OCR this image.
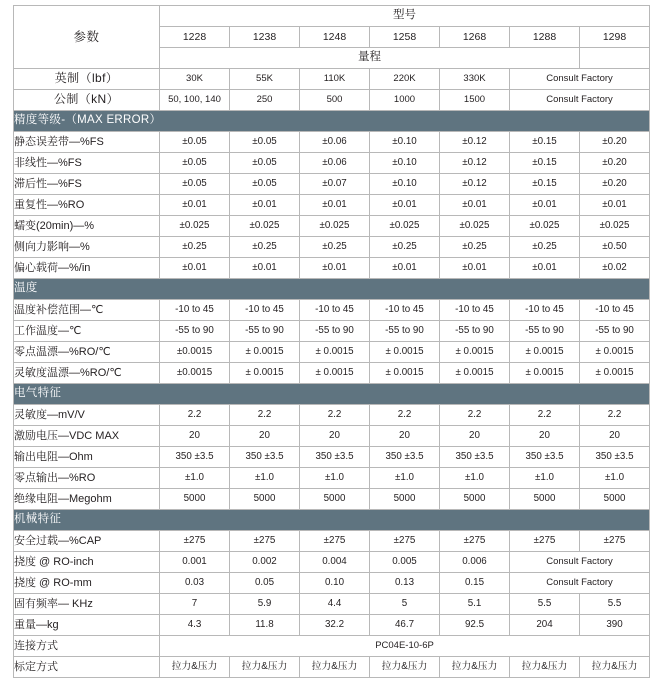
参数	型号						
	1228	1238	1248	1258	1268	1288	1298
	量程						
英制（lbf）	30K	55K	110K	220K	330K	Consult Factory	
公制（kN）	50, 100, 140	250	500	1000	1500	Consult Factory	
精度等级-（MAX ERROR）							
静态误差带—%FS	±0.05	±0.05	±0.06	±0.10	±0.12	±0.15	±0.20
非线性—%FS	±0.05	±0.05	±0.06	±0.10	±0.12	±0.15	±0.20
滞后性—%FS	±0.05	±0.05	±0.07	±0.10	±0.12	±0.15	±0.20
重复性—%RO	±0.01	±0.01	±0.01	±0.01	±0.01	±0.01	±0.01
蠕变(20min)—%	±0.025	±0.025	±0.025	±0.025	±0.025	±0.025	±0.025
侧向力影响—%	±0.25	±0.25	±0.25	±0.25	±0.25	±0.25	±0.50
偏心载荷—%/in	±0.01	±0.01	±0.01	±0.01	±0.01	±0.01	±0.02
温度							
温度补偿范围—℃	-10 to 45	-10 to 45	-10 to 45	-10 to 45	-10 to 45	-10 to 45	-10 to 45
工作温度—℃	-55 to 90	-55 to 90	-55 to 90	-55 to 90	-55 to 90	-55 to 90	-55 to 90
零点温漂—%RO/℃	±0.0015	± 0.0015	± 0.0015	± 0.0015	± 0.0015	± 0.0015	± 0.0015
灵敏度温漂—%RO/℃	±0.0015	± 0.0015	± 0.0015	± 0.0015	± 0.0015	± 0.0015	± 0.0015
电气特征							
灵敏度—mV/V	2.2	2.2	2.2	2.2	2.2	2.2	2.2
激励电压—VDC MAX	20	20	20	20	20	20	20
输出电阻—Ohm	350 ±3.5	350 ±3.5	350 ±3.5	350 ±3.5	350 ±3.5	350 ±3.5	350 ±3.5
零点输出—%RO	±1.0	±1.0	±1.0	±1.0	±1.0	±1.0	±1.0
绝缘电阻—Megohm	5000	5000	5000	5000	5000	5000	5000
机械特征							
安全过载—%CAP	±275	±275	±275	±275	±275	±275	±275
挠度 @ RO-inch	0.001	0.002	0.004	0.005	0.006	Consult Factory	
挠度 @ RO-mm	0.03	0.05	0.10	0.13	0.15	Consult Factory	
固有频率— KHz	7	5.9	4.4	5	5.1	5.5	5.5
重量—kg	4.3	11.8	32.2	46.7	92.5	204	390
连接方式	PC04E-10-6P						
标定方式	拉力&压力	拉力&压力	拉力&压力	拉力&压力	拉力&压力	拉力&压力	拉力&压力
